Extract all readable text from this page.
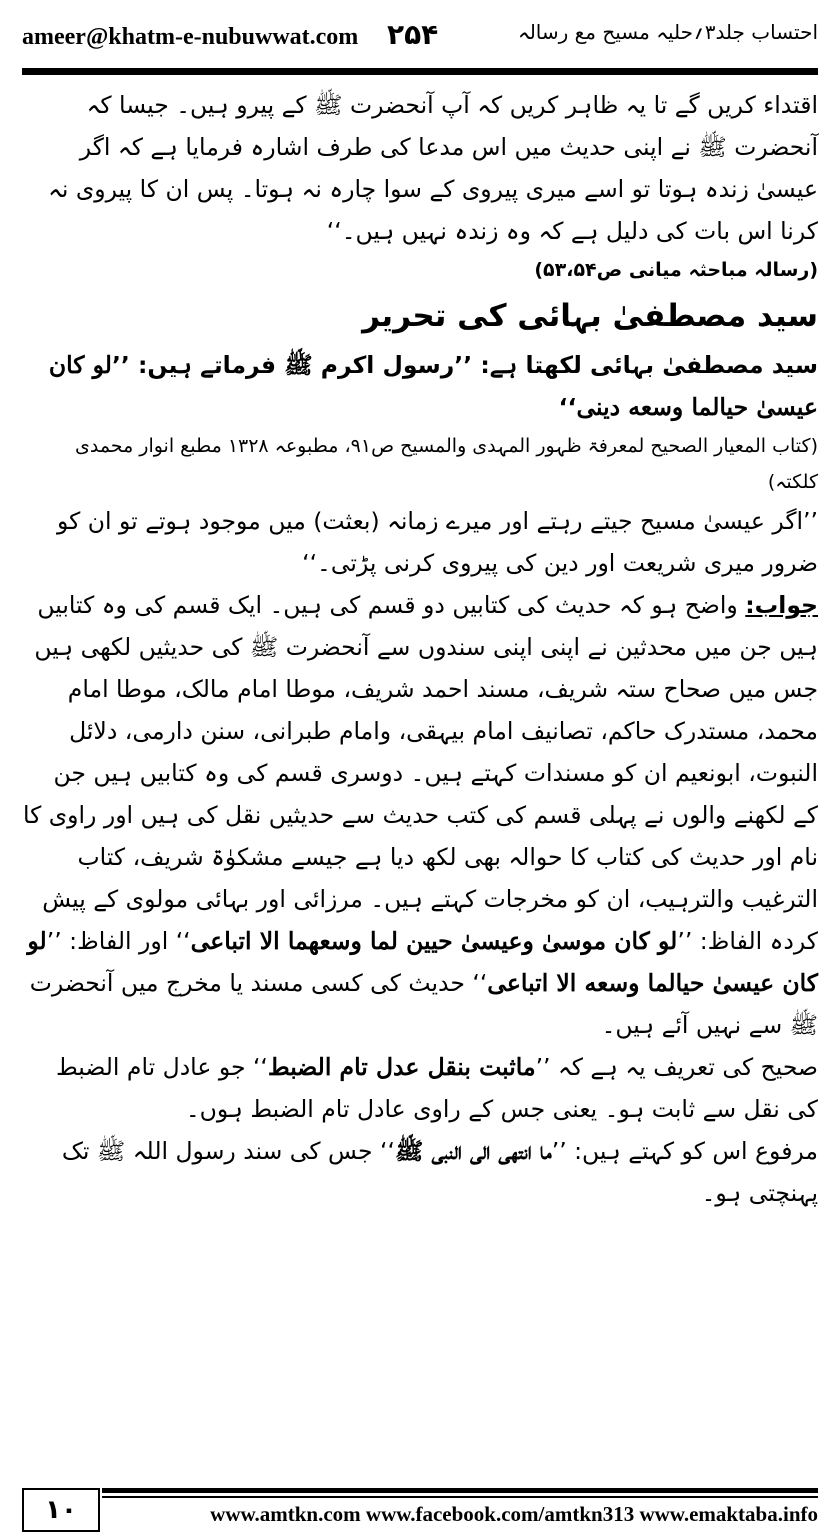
ameer@khatm-e-nubuwwat.com ۲۵۴	احتساب جلد۳؍حلیہ مسیح مع رسالہ

اقتداء کریں گے تا یہ ظاہر کریں کہ آپ آنحضرت ﷺ کے پیرو ہیں۔ جیسا کہ آنحضرت ﷺ نے اپنی حدیث میں اس مدعا کی طرف اشارہ فرمایا ہے کہ اگر عیسیٰ زندہ ہوتا تو اسے میری پیروی کے سوا چارہ نہ ہوتا۔ پس ان کا پیروی نہ کرنا اس بات کی دلیل ہے کہ وہ زندہ نہیں ہیں۔‘‘

(رسالہ مباحثہ میانی ص۵۳،۵۴)

سید مصطفیٰ بہائی کی تحریر

سید مصطفیٰ بہائی لکھتا ہے: ’’رسول اکرم ﷺ فرماتے ہیں: ’’لو کان عیسیٰ حیالما وسعه دینی‘‘

(کتاب المعیار الصحیح لمعرفۃ ظہور المہدی والمسیح ص۹۱، مطبوعہ ۱۳۲۸ مطبع انوار محمدی کلکتہ)

’’اگر عیسیٰ مسیح جیتے رہتے اور میرے زمانہ (بعثت) میں موجود ہوتے تو ان کو ضرور میری شریعت اور دین کی پیروی کرنی پڑتی۔‘‘

جواب: واضح ہو کہ حدیث کی کتابیں دو قسم کی ہیں۔ ایک قسم کی وہ کتابیں ہیں جن میں محدثین نے اپنی اپنی سندوں سے آنحضرت ﷺ کی حدیثیں لکھی ہیں جس میں صحاح ستہ شریف، مسند احمد شریف، موطا امام مالک، موطا امام محمد، مستدرک حاکم، تصانیف امام بیہقی، وامام طبرانی، سنن دارمی، دلائل النبوت، ابونعیم ان کو مسندات کہتے ہیں۔ دوسری قسم کی وہ کتابیں ہیں جن کے لکھنے والوں نے پہلی قسم کی کتب حدیث سے حدیثیں نقل کی ہیں اور راوی کا نام اور حدیث کی کتاب کا حوالہ بھی لکھ دیا ہے جیسے مشکوٰۃ شریف، کتاب الترغیب والترہیب، ان کو مخرجات کہتے ہیں۔ مرزائی اور بہائی مولوی کے پیش کردہ الفاظ: ’’لو کان موسیٰ وعیسیٰ حیین لما وسعهما الا اتباعی‘‘ اور الفاظ: ’’لو کان عیسیٰ حیالما وسعه الا اتباعی‘‘ حدیث کی کسی مسند یا مخرج میں آنحضرت ﷺ سے نہیں آئے ہیں۔

صحیح کی تعریف یہ ہے کہ ’’ماثبت بنقل عدل تام الضبط‘‘ جو عادل تام الضبط کی نقل سے ثابت ہو۔ یعنی جس کے راوی عادل تام الضبط ہوں۔

مرفوع اس کو کہتے ہیں: ’’ما انتهی الی النبی ﷺ‘‘ جس کی سند رسول اللہ ﷺ تک پہنچتی ہو۔

۱۰	www.amtkn.com www.facebook.com/amtkn313 www.emaktaba.info
